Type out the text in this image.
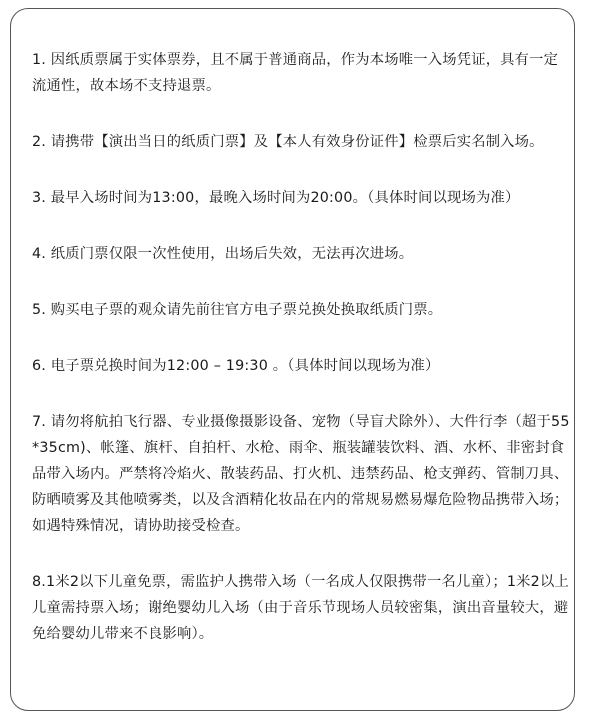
1. 因纸质票属于实体票券，且不属于普通商品，作为本场唯一入场凭证，具有一定流通性，故本场不支持退票。
2. 请携带【演出当日的纸质门票】及【本人有效身份证件】检票后实名制入场。
3. 最早入场时间为13:00，最晚入场时间为20:00。（具体时间以现场为准）
4. 纸质门票仅限一次性使用，出场后失效，无法再次进场。
5. 购买电子票的观众请先前往官方电子票兑换处换取纸质门票。
6. 电子票兑换时间为12:00 – 19:30 。（具体时间以现场为准）
7. 请勿将航拍飞行器、专业摄像摄影设备、宠物（导盲犬除外）、大件行李（超于55*35cm)、帐篷、旗杆、自拍杆、水枪、雨伞、瓶装罐装饮料、酒、水杯、非密封食品带入场内。严禁将冷焰火、散装药品、打火机、违禁药品、枪支弹药、管制刀具、防晒喷雾及其他喷雾类，以及含酒精化妆品在内的常规易燃易爆危险物品携带入场；如遇特殊情况，请协助接受检查。
8.1米2以下儿童免票，需监护人携带入场（一名成人仅限携带一名儿童）；1米2以上儿童需持票入场；谢绝婴幼儿入场（由于音乐节现场人员较密集，演出音量较大，避免给婴幼儿带来不良影响）。
